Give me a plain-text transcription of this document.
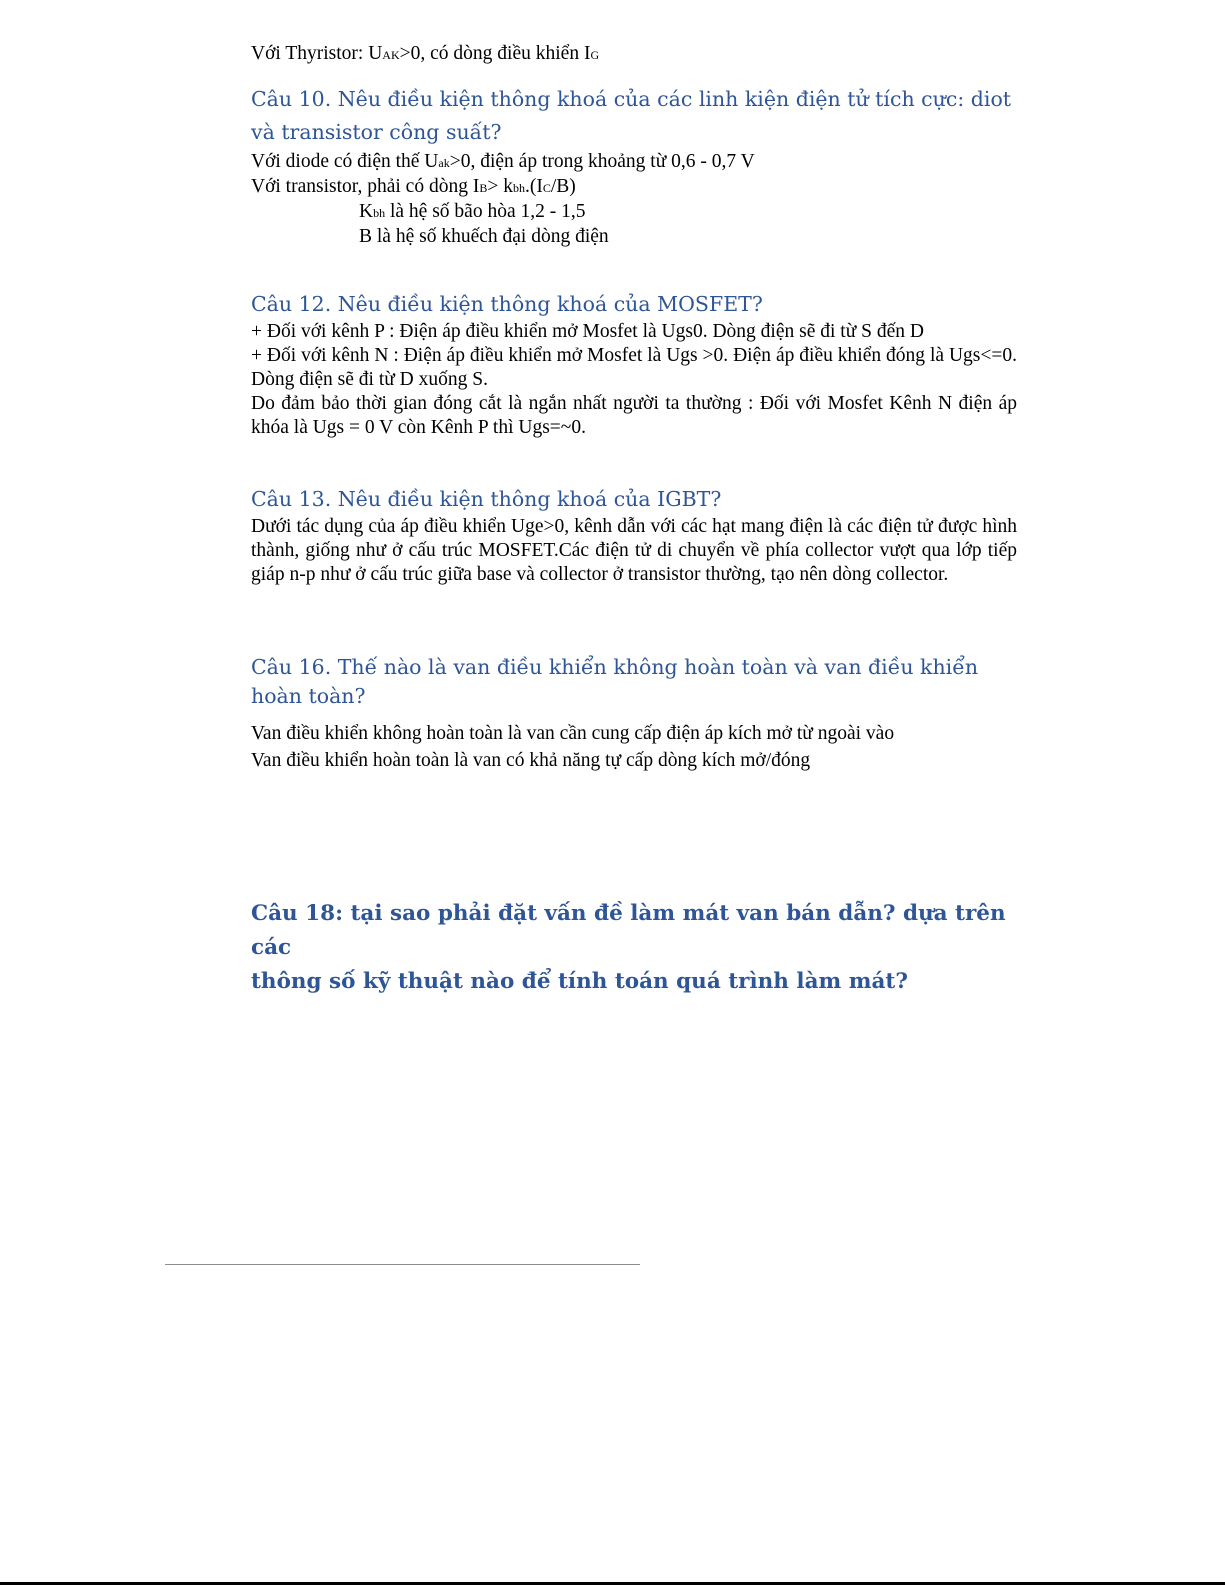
Với Thyristor: UAK>0, có dòng điều khiển IG
Câu 10. Nêu điều kiện thông khoá của các linh kiện điện tử tích cực: diot
và transistor công suất?
Với diode có điện thế Uak>0, điện áp trong khoảng từ 0,6 - 0,7 V
Với transistor, phải có dòng IB> kbh.(IC/B)
Kbh là hệ số bão hòa 1,2 - 1,5
B là hệ số khuếch đại dòng điện
Câu 12. Nêu điều kiện thông khoá của MOSFET?
+ Đối với kênh P : Điện áp điều khiển mở Mosfet là Ugs0. Dòng điện sẽ đi từ S đến D
+ Đối với kênh N : Điện áp điều khiển mở Mosfet là Ugs >0. Điện áp điều khiển đóng là Ugs<=0. Dòng điện sẽ đi từ D xuống S.
Do đảm bảo thời gian đóng cắt là ngắn nhất người ta thường : Đối với Mosfet Kênh N điện áp khóa là Ugs = 0 V còn Kênh P thì Ugs=~0.
Câu 13. Nêu điều kiện thông khoá của IGBT?
Dưới tác dụng của áp điều khiển Uge>0, kênh dẫn với các hạt mang điện là các điện tử được hình thành, giống như ở cấu trúc MOSFET.Các điện tử di chuyển về phía collector vượt qua lớp tiếp giáp n-p như ở cấu trúc giữa base và collector ở transistor thường, tạo nên dòng collector.
Câu 16. Thế nào là van điều khiển không hoàn toàn và van điều khiển
hoàn toàn?
Van điều khiển không hoàn toàn là van cần cung cấp điện áp kích mở từ ngoài vào
Van điều khiển hoàn toàn là van có khả năng tự cấp dòng kích mở/đóng
Câu 18: tại sao phải đặt vấn đề làm mát van bán dẫn? dựa trên các
thông số kỹ thuật nào để tính toán quá trình làm mát?
